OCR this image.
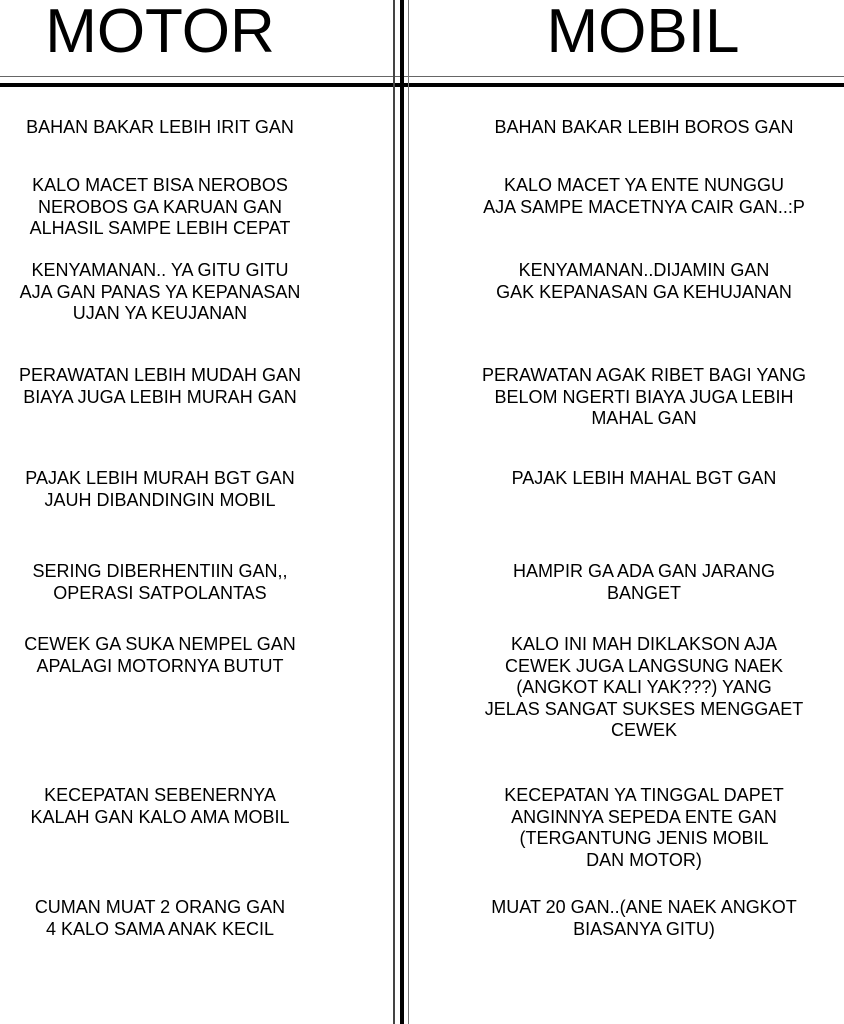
MOTOR	MOBIL
BAHAN BAKAR LEBIH IRIT GAN	BAHAN BAKAR LEBIH BOROS GAN
KALO MACET BISA NEROBOS
NEROBOS GA KARUAN GAN
ALHASIL SAMPE LEBIH CEPAT
KALO MACET YA ENTE NUNGGU
AJA SAMPE MACETNYA CAIR GAN..:P
KENYAMANAN.. YA GITU GITU
AJA GAN PANAS YA KEPANASAN
UJAN YA KEUJANAN
KENYAMANAN..DIJAMIN GAN
GAK KEPANASAN GA KEHUJANAN
PERAWATAN LEBIH MUDAH GAN
BIAYA JUGA LEBIH MURAH GAN
PERAWATAN AGAK RIBET BAGI YANG
BELOM NGERTI BIAYA JUGA LEBIH
MAHAL GAN
PAJAK LEBIH MURAH BGT GAN
JAUH DIBANDINGIN MOBIL
PAJAK LEBIH MAHAL BGT GAN
SERING DIBERHENTIIN GAN,,
OPERASI SATPOLANTAS
HAMPIR GA ADA GAN JARANG
BANGET
CEWEK GA SUKA NEMPEL GAN
APALAGI MOTORNYA BUTUT
KALO INI MAH DIKLAKSON AJA
CEWEK JUGA LANGSUNG NAEK
(ANGKOT KALI YAK???) YANG
JELAS SANGAT SUKSES MENGGAET
CEWEK
KECEPATAN SEBENERNYA
KALAH GAN KALO AMA MOBIL
KECEPATAN YA TINGGAL DAPET
ANGINNYA SEPEDA ENTE GAN
(TERGANTUNG JENIS MOBIL
DAN MOTOR)
CUMAN MUAT 2 ORANG GAN
4 KALO SAMA ANAK KECIL
MUAT 20 GAN..(ANE NAEK ANGKOT
BIASANYA GITU)
